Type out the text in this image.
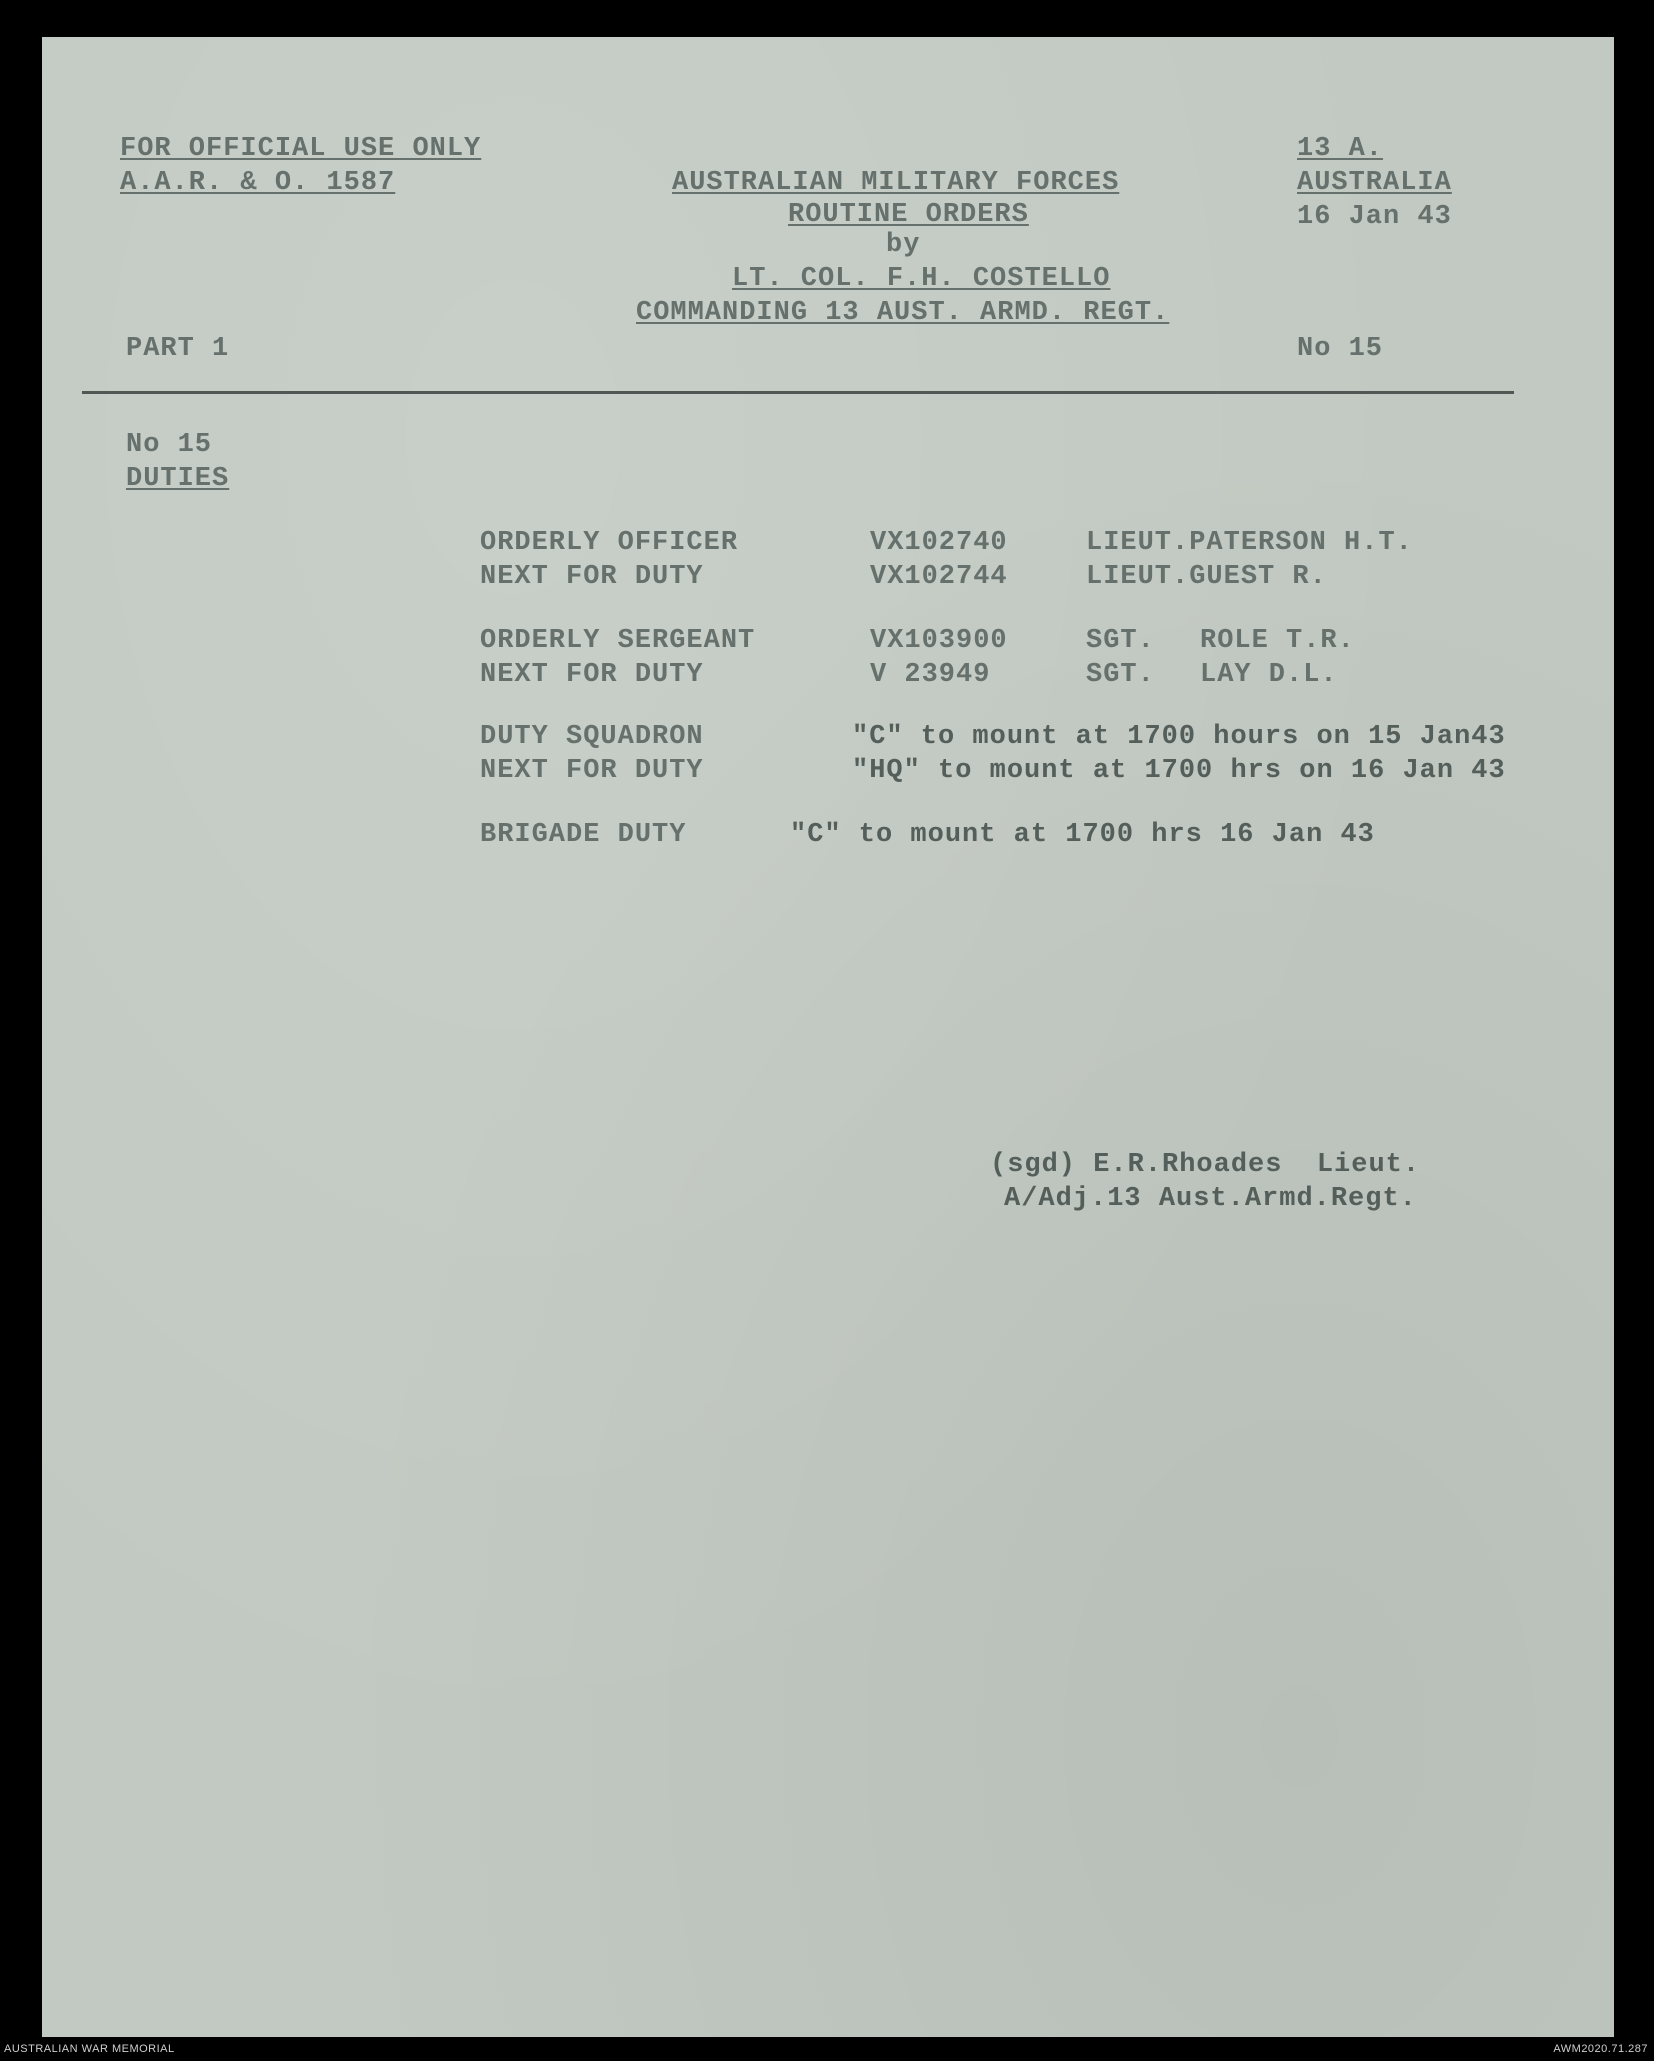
FOR OFFICIAL USE ONLY

A.A.R. & O. 1587

13 A.

AUSTRALIA

16 Jan 43

AUSTRALIAN MILITARY FORCES

ROUTINE ORDERS

by

LT. COL. F.H. COSTELLO

COMMANDING 13 AUST. ARMD. REGT.

PART 1	No 15

No 15

DUTIES

ORDERLY OFFICER	VX102740	LIEUT.PATERSON H.T.

NEXT FOR DUTY	VX102744	LIEUT.GUEST R.

ORDERLY SERGEANT	VX103900	SGT. ROLE T.R.

NEXT FOR DUTY	V 23949	SGT. LAY D.L.

DUTY SQUADRON	"C" to mount at 1700 hours on 15 Jan43

NEXT FOR DUTY	"HQ" to mount at 1700 hrs on 16 Jan 43

BRIGADE DUTY	"C" to mount at 1700 hrs 16 Jan 43

(sgd) E.R.Rhoades  Lieut.

A/Adj.13 Aust.Armd.Regt.

AUSTRALIAN WAR MEMORIAL	AWM2020.71.287
